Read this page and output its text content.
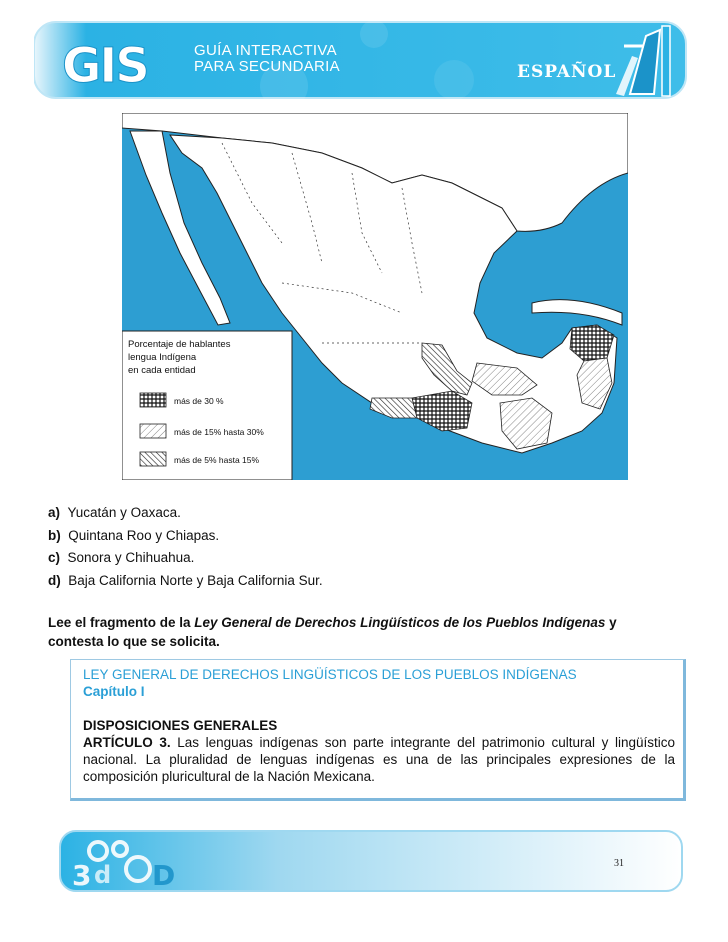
GIS	GUÍA INTERACTIVA
PARA SECUNDARIA	ESPAÑOL
Porcentaje de hablantes
lengua Indígena
en cada entidad
más de 30 %
más de 15% hasta 30%
más de 5% hasta 15%
a) Yucatán y Oaxaca.
b) Quintana Roo y Chiapas.
c) Sonora y Chihuahua.
d) Baja California Norte y Baja California Sur.
Lee el fragmento de la Ley General de Derechos Lingüísticos de los Pueblos Indígenas y contesta lo que se solicita.
LEY GENERAL DE DERECHOS LINGÜÍSTICOS DE LOS PUEBLOS INDÍGENAS
Capítulo I
DISPOSICIONES GENERALES
ARTÍCULO 3. Las lenguas indígenas son parte integrante del patrimonio cultural y lingüístico nacional. La pluralidad de lenguas indígenas es una de las principales expresiones de la composición pluricultural de la Nación Mexicana.
3 d D	31
